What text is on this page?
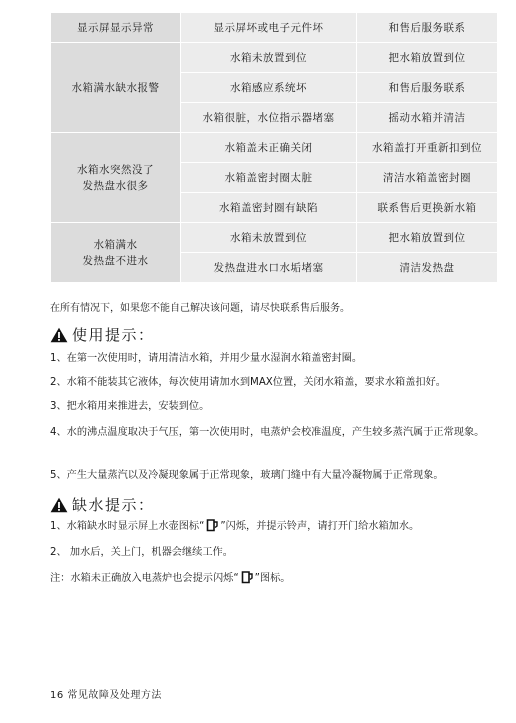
显示屏显示异常	显示屏坏或电子元件坏	和售后服务联系
水箱满水缺水报警	水箱未放置到位	把水箱放置到位
	水箱感应系统坏	和售后服务联系
	水箱很脏，水位指示器堵塞	摇动水箱并清洁
水箱水突然没了
发热盘水很多	水箱盖未正确关闭	水箱盖打开重新扣到位
	水箱盖密封圈太脏	清洁水箱盖密封圈
	水箱盖密封圈有缺陷	联系售后更换新水箱
水箱满水
发热盘不进水	水箱未放置到位	把水箱放置到位
	发热盘进水口水垢堵塞	清洁发热盘
在所有情况下，如果您不能自己解决该问题，请尽快联系售后服务。
使用提示：
1、在第一次使用时，请用清洁水箱，并用少量水湿润水箱盖密封圈。
2、水箱不能装其它液体，每次使用请加水到MAX位置，关闭水箱盖，要求水箱盖扣好。
3、把水箱用来推进去，安装到位。
4、水的沸点温度取决于气压，第一次使用时，电蒸炉会校准温度，产生较多蒸汽属于正常现象。
5、产生大量蒸汽以及冷凝现象属于正常现象，玻璃门缝中有大量冷凝物属于正常现象。
缺水提示：
1、水箱缺水时显示屏上水壶图标“ ”闪烁，并提示铃声，请打开门给水箱加水。
2、 加水后，关上门，机器会继续工作。
注：水箱未正确放入电蒸炉也会提示闪烁“ ”图标。
16 常见故障及处理方法
